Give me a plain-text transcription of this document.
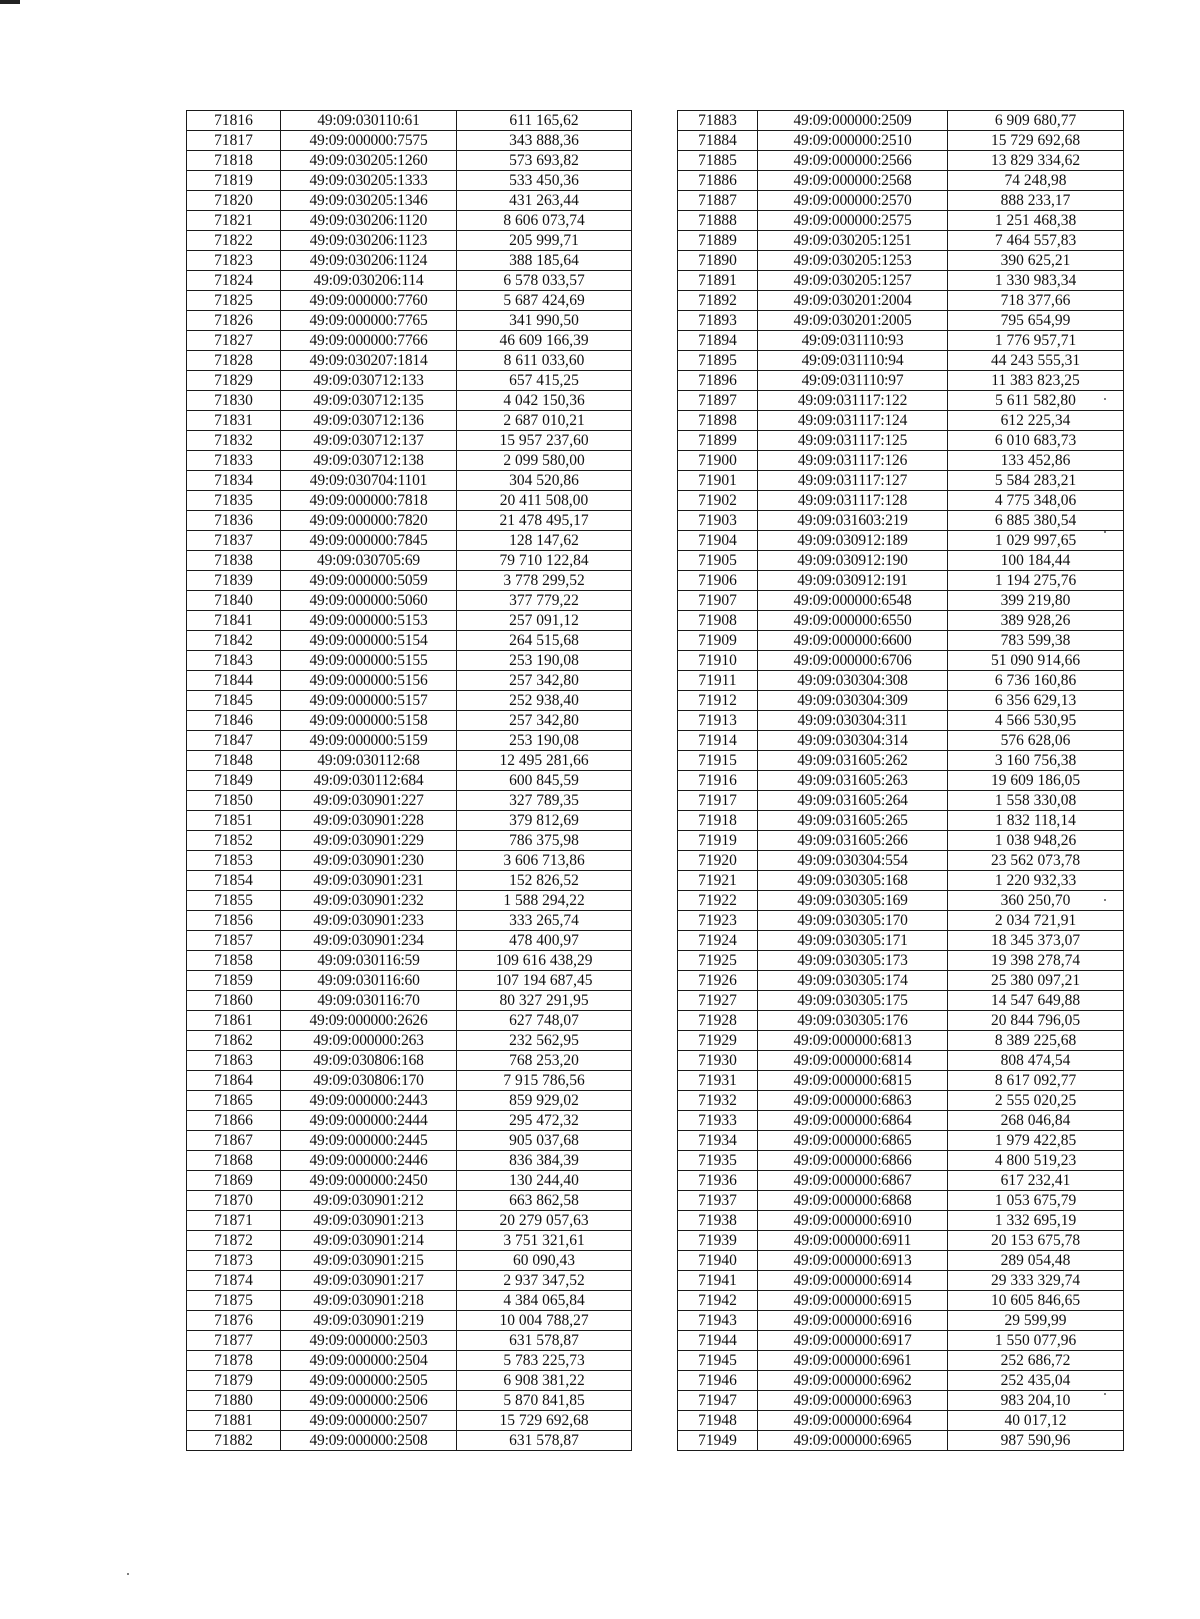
71816	49:09:030110:61	611 165,62
71817	49:09:000000:7575	343 888,36
71818	49:09:030205:1260	573 693,82
71819	49:09:030205:1333	533 450,36
71820	49:09:030205:1346	431 263,44
71821	49:09:030206:1120	8 606 073,74
71822	49:09:030206:1123	205 999,71
71823	49:09:030206:1124	388 185,64
71824	49:09:030206:114	6 578 033,57
71825	49:09:000000:7760	5 687 424,69
71826	49:09:000000:7765	341 990,50
71827	49:09:000000:7766	46 609 166,39
71828	49:09:030207:1814	8 611 033,60
71829	49:09:030712:133	657 415,25
71830	49:09:030712:135	4 042 150,36
71831	49:09:030712:136	2 687 010,21
71832	49:09:030712:137	15 957 237,60
71833	49:09:030712:138	2 099 580,00
71834	49:09:030704:1101	304 520,86
71835	49:09:000000:7818	20 411 508,00
71836	49:09:000000:7820	21 478 495,17
71837	49:09:000000:7845	128 147,62
71838	49:09:030705:69	79 710 122,84
71839	49:09:000000:5059	3 778 299,52
71840	49:09:000000:5060	377 779,22
71841	49:09:000000:5153	257 091,12
71842	49:09:000000:5154	264 515,68
71843	49:09:000000:5155	253 190,08
71844	49:09:000000:5156	257 342,80
71845	49:09:000000:5157	252 938,40
71846	49:09:000000:5158	257 342,80
71847	49:09:000000:5159	253 190,08
71848	49:09:030112:68	12 495 281,66
71849	49:09:030112:684	600 845,59
71850	49:09:030901:227	327 789,35
71851	49:09:030901:228	379 812,69
71852	49:09:030901:229	786 375,98
71853	49:09:030901:230	3 606 713,86
71854	49:09:030901:231	152 826,52
71855	49:09:030901:232	1 588 294,22
71856	49:09:030901:233	333 265,74
71857	49:09:030901:234	478 400,97
71858	49:09:030116:59	109 616 438,29
71859	49:09:030116:60	107 194 687,45
71860	49:09:030116:70	80 327 291,95
71861	49:09:000000:2626	627 748,07
71862	49:09:000000:263	232 562,95
71863	49:09:030806:168	768 253,20
71864	49:09:030806:170	7 915 786,56
71865	49:09:000000:2443	859 929,02
71866	49:09:000000:2444	295 472,32
71867	49:09:000000:2445	905 037,68
71868	49:09:000000:2446	836 384,39
71869	49:09:000000:2450	130 244,40
71870	49:09:030901:212	663 862,58
71871	49:09:030901:213	20 279 057,63
71872	49:09:030901:214	3 751 321,61
71873	49:09:030901:215	60 090,43
71874	49:09:030901:217	2 937 347,52
71875	49:09:030901:218	4 384 065,84
71876	49:09:030901:219	10 004 788,27
71877	49:09:000000:2503	631 578,87
71878	49:09:000000:2504	5 783 225,73
71879	49:09:000000:2505	6 908 381,22
71880	49:09:000000:2506	5 870 841,85
71881	49:09:000000:2507	15 729 692,68
71882	49:09:000000:2508	631 578,87
71883	49:09:000000:2509	6 909 680,77
71884	49:09:000000:2510	15 729 692,68
71885	49:09:000000:2566	13 829 334,62
71886	49:09:000000:2568	74 248,98
71887	49:09:000000:2570	888 233,17
71888	49:09:000000:2575	1 251 468,38
71889	49:09:030205:1251	7 464 557,83
71890	49:09:030205:1253	390 625,21
71891	49:09:030205:1257	1 330 983,34
71892	49:09:030201:2004	718 377,66
71893	49:09:030201:2005	795 654,99
71894	49:09:031110:93	1 776 957,71
71895	49:09:031110:94	44 243 555,31
71896	49:09:031110:97	11 383 823,25
71897	49:09:031117:122	5 611 582,80
71898	49:09:031117:124	612 225,34
71899	49:09:031117:125	6 010 683,73
71900	49:09:031117:126	133 452,86
71901	49:09:031117:127	5 584 283,21
71902	49:09:031117:128	4 775 348,06
71903	49:09:031603:219	6 885 380,54
71904	49:09:030912:189	1 029 997,65
71905	49:09:030912:190	100 184,44
71906	49:09:030912:191	1 194 275,76
71907	49:09:000000:6548	399 219,80
71908	49:09:000000:6550	389 928,26
71909	49:09:000000:6600	783 599,38
71910	49:09:000000:6706	51 090 914,66
71911	49:09:030304:308	6 736 160,86
71912	49:09:030304:309	6 356 629,13
71913	49:09:030304:311	4 566 530,95
71914	49:09:030304:314	576 628,06
71915	49:09:031605:262	3 160 756,38
71916	49:09:031605:263	19 609 186,05
71917	49:09:031605:264	1 558 330,08
71918	49:09:031605:265	1 832 118,14
71919	49:09:031605:266	1 038 948,26
71920	49:09:030304:554	23 562 073,78
71921	49:09:030305:168	1 220 932,33
71922	49:09:030305:169	360 250,70
71923	49:09:030305:170	2 034 721,91
71924	49:09:030305:171	18 345 373,07
71925	49:09:030305:173	19 398 278,74
71926	49:09:030305:174	25 380 097,21
71927	49:09:030305:175	14 547 649,88
71928	49:09:030305:176	20 844 796,05
71929	49:09:000000:6813	8 389 225,68
71930	49:09:000000:6814	808 474,54
71931	49:09:000000:6815	8 617 092,77
71932	49:09:000000:6863	2 555 020,25
71933	49:09:000000:6864	268 046,84
71934	49:09:000000:6865	1 979 422,85
71935	49:09:000000:6866	4 800 519,23
71936	49:09:000000:6867	617 232,41
71937	49:09:000000:6868	1 053 675,79
71938	49:09:000000:6910	1 332 695,19
71939	49:09:000000:6911	20 153 675,78
71940	49:09:000000:6913	289 054,48
71941	49:09:000000:6914	29 333 329,74
71942	49:09:000000:6915	10 605 846,65
71943	49:09:000000:6916	29 599,99
71944	49:09:000000:6917	1 550 077,96
71945	49:09:000000:6961	252 686,72
71946	49:09:000000:6962	252 435,04
71947	49:09:000000:6963	983 204,10
71948	49:09:000000:6964	40 017,12
71949	49:09:000000:6965	987 590,96
